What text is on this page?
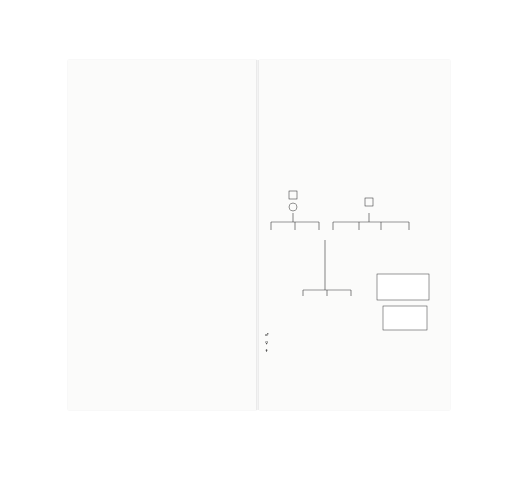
♂
♀
✝
